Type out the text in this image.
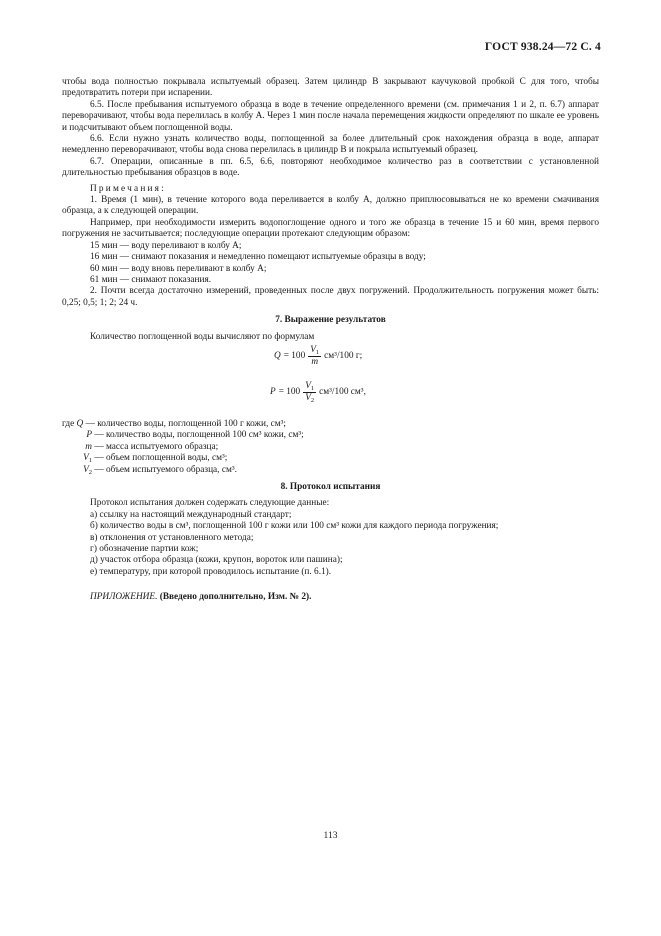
ГОСТ 938.24—72 С. 4

чтобы вода полностью покрывала испытуемый образец. Затем цилиндр В закрывают каучуковой пробкой С для того, чтобы предотвратить потери при испарении.

6.5. После пребывания испытуемого образца в воде в течение определенного времени (см. примечания 1 и 2, п. 6.7) аппарат переворачивают, чтобы вода перелилась в колбу А. Через 1 мин после начала перемещения жидкости определяют по шкале ее уровень и подсчитывают объем поглощенной воды.

6.6. Если нужно узнать количество воды, поглощенной за более длительный срок нахождения образца в воде, аппарат немедленно переворачивают, чтобы вода снова перелилась в цилиндр В и покрыла испытуемый образец.

6.7. Операции, описанные в пп. 6.5, 6.6, повторяют необходимое количество раз в соответствии с установленной длительностью пребывания образцов в воде.

Примечания:

1. Время (1 мин), в течение которого вода переливается в колбу А, должно приплюсовываться не ко времени смачивания образца, а к следующей операции.

Например, при необходимости измерить водопоглощение одного и того же образца в течение 15 и 60 мин, время первого погружения не засчитывается; последующие операции протекают следующим образом:

15 мин — воду переливают в колбу А;

16 мин — снимают показания и немедленно помещают испытуемые образцы в воду;

60 мин — воду вновь переливают в колбу А;

61 мин — снимают показания.

2. Почти всегда достаточно измерений, проведенных после двух погружений. Продолжительность погружения может быть: 0,25; 0,5; 1; 2; 24 ч.

7. Выражение результатов

Количество поглощенной воды вычисляют по формулам

$Q = 100 \frac{V_1}{m} см^3/100$ г;
$P = 100 \frac{V_1}{V_2} см^3/100$ см³,

где Q — количество воды, поглощенной 100 г кожи, см³;

P — количество воды, поглощенной 100 см³ кожи, см³;

m — масса испытуемого образца;

$V_1$ — объем поглощенной воды, см³;

$V_2$ — объем испытуемого образца, см³.

8. Протокол испытания

Протокол испытания должен содержать следующие данные:

а) ссылку на настоящий международный стандарт;

б) количество воды в см³, поглощенной 100 г кожи или 100 см³ кожи для каждого периода погружения;

в) отклонения от установленного метода;

г) обозначение партии кож;

д) участок отбора образца (кожи, крупон, вороток или пашина);

е) температуру, при которой проводилось испытание (п. 6.1).

ПРИЛОЖЕНИЕ. (Введено дополнительно, Изм. № 2).

113
